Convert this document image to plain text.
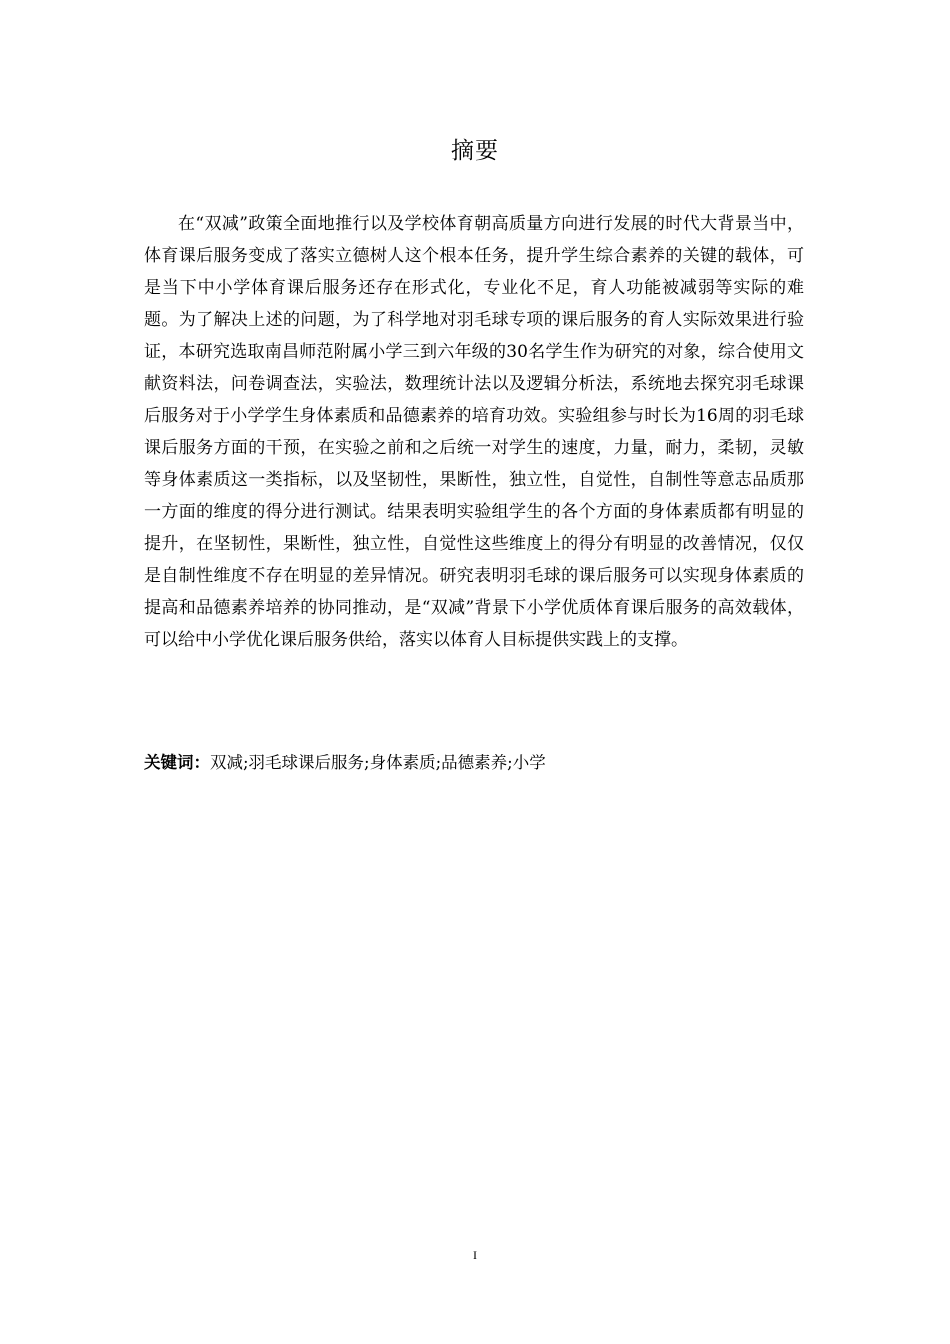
摘要

在“双减”政策全面地推行以及学校体育朝高质量方向进行发展的时代大背景当中，体育课后服务变成了落实立德树人这个根本任务，提升学生综合素养的关键的载体，可是当下中小学体育课后服务还存在形式化，专业化不足，育人功能被减弱等实际的难题。为了解决上述的问题，为了科学地对羽毛球专项的课后服务的育人实际效果进行验证，本研究选取南昌师范附属小学三到六年级的30名学生作为研究的对象，综合使用文献资料法，问卷调查法，实验法，数理统计法以及逻辑分析法，系统地去探究羽毛球课后服务对于小学学生身体素质和品德素养的培育功效。实验组参与时长为16周的羽毛球课后服务方面的干预，在实验之前和之后统一对学生的速度，力量，耐力，柔韧，灵敏等身体素质这一类指标，以及坚韧性，果断性，独立性，自觉性，自制性等意志品质那一方面的维度的得分进行测试。结果表明实验组学生的各个方面的身体素质都有明显的提升，在坚韧性，果断性，独立性，自觉性这些维度上的得分有明显的改善情况，仅仅是自制性维度不存在明显的差异情况。研究表明羽毛球的课后服务可以实现身体素质的提高和品德素养培养的协同推动，是“双减”背景下小学优质体育课后服务的高效载体，可以给中小学优化课后服务供给，落实以体育人目标提供实践上的支撑。

关键词：双减;羽毛球课后服务;身体素质;品德素养;小学
I
